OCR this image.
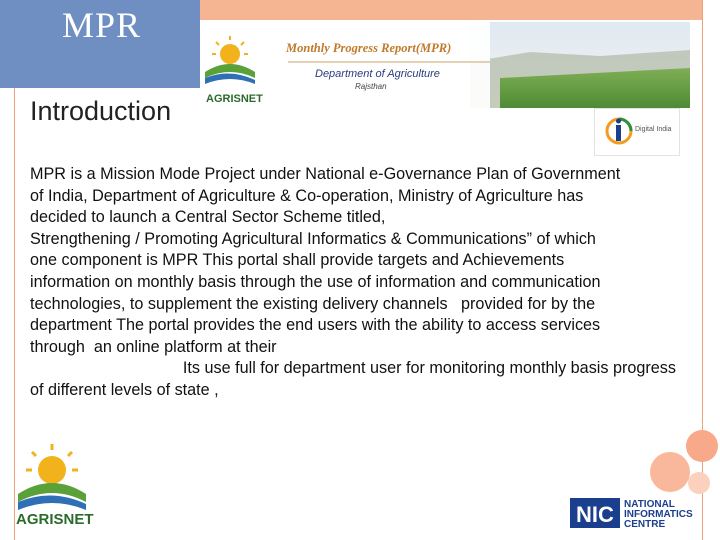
MPR
AGRISNET
Monthly Progress Report(MPR)
Department of Agriculture
Rajsthan
Digital India
Introduction
MPR is a Mission Mode Project under National e-Governance Plan of Government
of India, Department of Agriculture & Co-operation, Ministry of Agriculture has
decided to launch a Central Sector Scheme titled,
Strengthening / Promoting Agricultural Informatics & Communications” of which
one component is MPR This portal shall provide targets and Achievements
information on monthly basis through the use of information and communication
technologies, to supplement the existing delivery channels   provided for by the
department The portal provides the end users with the ability to access services
through  an online platform at their
Its use full for department user for monitoring monthly basis progress
of different levels of state ,
AGRISNET	NIC NATIONAL
INFORMATICS
CENTRE
